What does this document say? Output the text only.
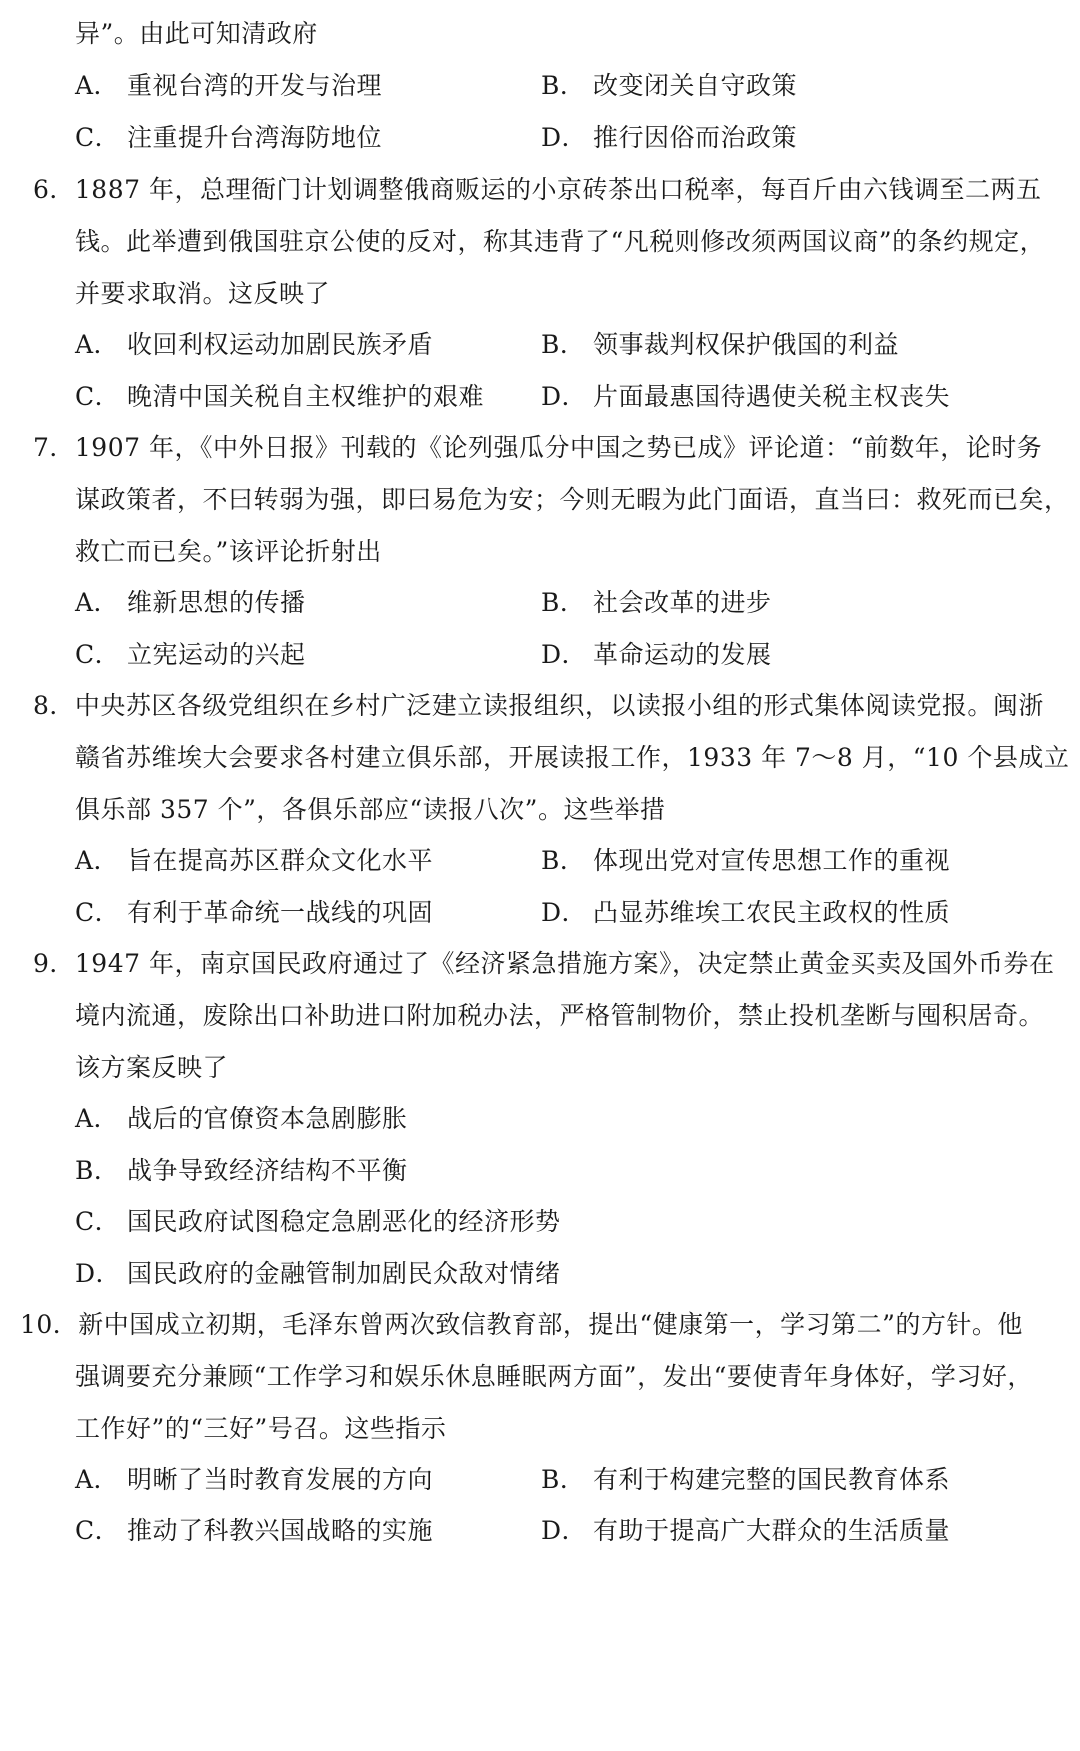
异”。由此可知清政府
A． 重视台湾的开发与治理	B． 改变闭关自守政策
C． 注重提升台湾海防地位	D． 推行因俗而治政策
6．1887 年，总理衙门计划调整俄商贩运的小京砖茶出口税率，每百斤由六钱调至二两五
钱。此举遭到俄国驻京公使的反对，称其违背了“凡税则修改须两国议商”的条约规定，
并要求取消。这反映了
A． 收回利权运动加剧民族矛盾	B． 领事裁判权保护俄国的利益
C． 晚清中国关税自主权维护的艰难 D． 片面最惠国待遇使关税主权丧失
7．1907 年，《中外日报》刊载的《论列强瓜分中国之势已成》评论道：“前数年，论时务
谋政策者，不曰转弱为强，即曰易危为安；今则无暇为此门面语，直当曰：救死而已矣，
救亡而已矣。”该评论折射出
A． 维新思想的传播	B． 社会改革的进步
C． 立宪运动的兴起	D． 革命运动的发展
8．中央苏区各级党组织在乡村广泛建立读报组织，以读报小组的形式集体阅读党报。闽浙
赣省苏维埃大会要求各村建立俱乐部，开展读报工作，1933 年 7～8 月，“10 个县成立
俱乐部 357 个”，各俱乐部应“读报八次”。这些举措
A． 旨在提高苏区群众文化水平	B． 体现出党对宣传思想工作的重视
C． 有利于革命统一战线的巩固	D． 凸显苏维埃工农民主政权的性质
9．1947 年，南京国民政府通过了《经济紧急措施方案》，决定禁止黄金买卖及国外币券在
境内流通，废除出口补助进口附加税办法，严格管制物价，禁止投机垄断与囤积居奇。
该方案反映了
A． 战后的官僚资本急剧膨胀
B． 战争导致经济结构不平衡
C． 国民政府试图稳定急剧恶化的经济形势
D． 国民政府的金融管制加剧民众敌对情绪
10．新中国成立初期，毛泽东曾两次致信教育部，提出“健康第一，学习第二”的方针。他
强调要充分兼顾“工作学习和娱乐休息睡眠两方面”，发出“要使青年身体好，学习好，
工作好”的“三好”号召。这些指示
A． 明晰了当时教育发展的方向	B． 有利于构建完整的国民教育体系
C． 推动了科教兴国战略的实施	D． 有助于提高广大群众的生活质量
